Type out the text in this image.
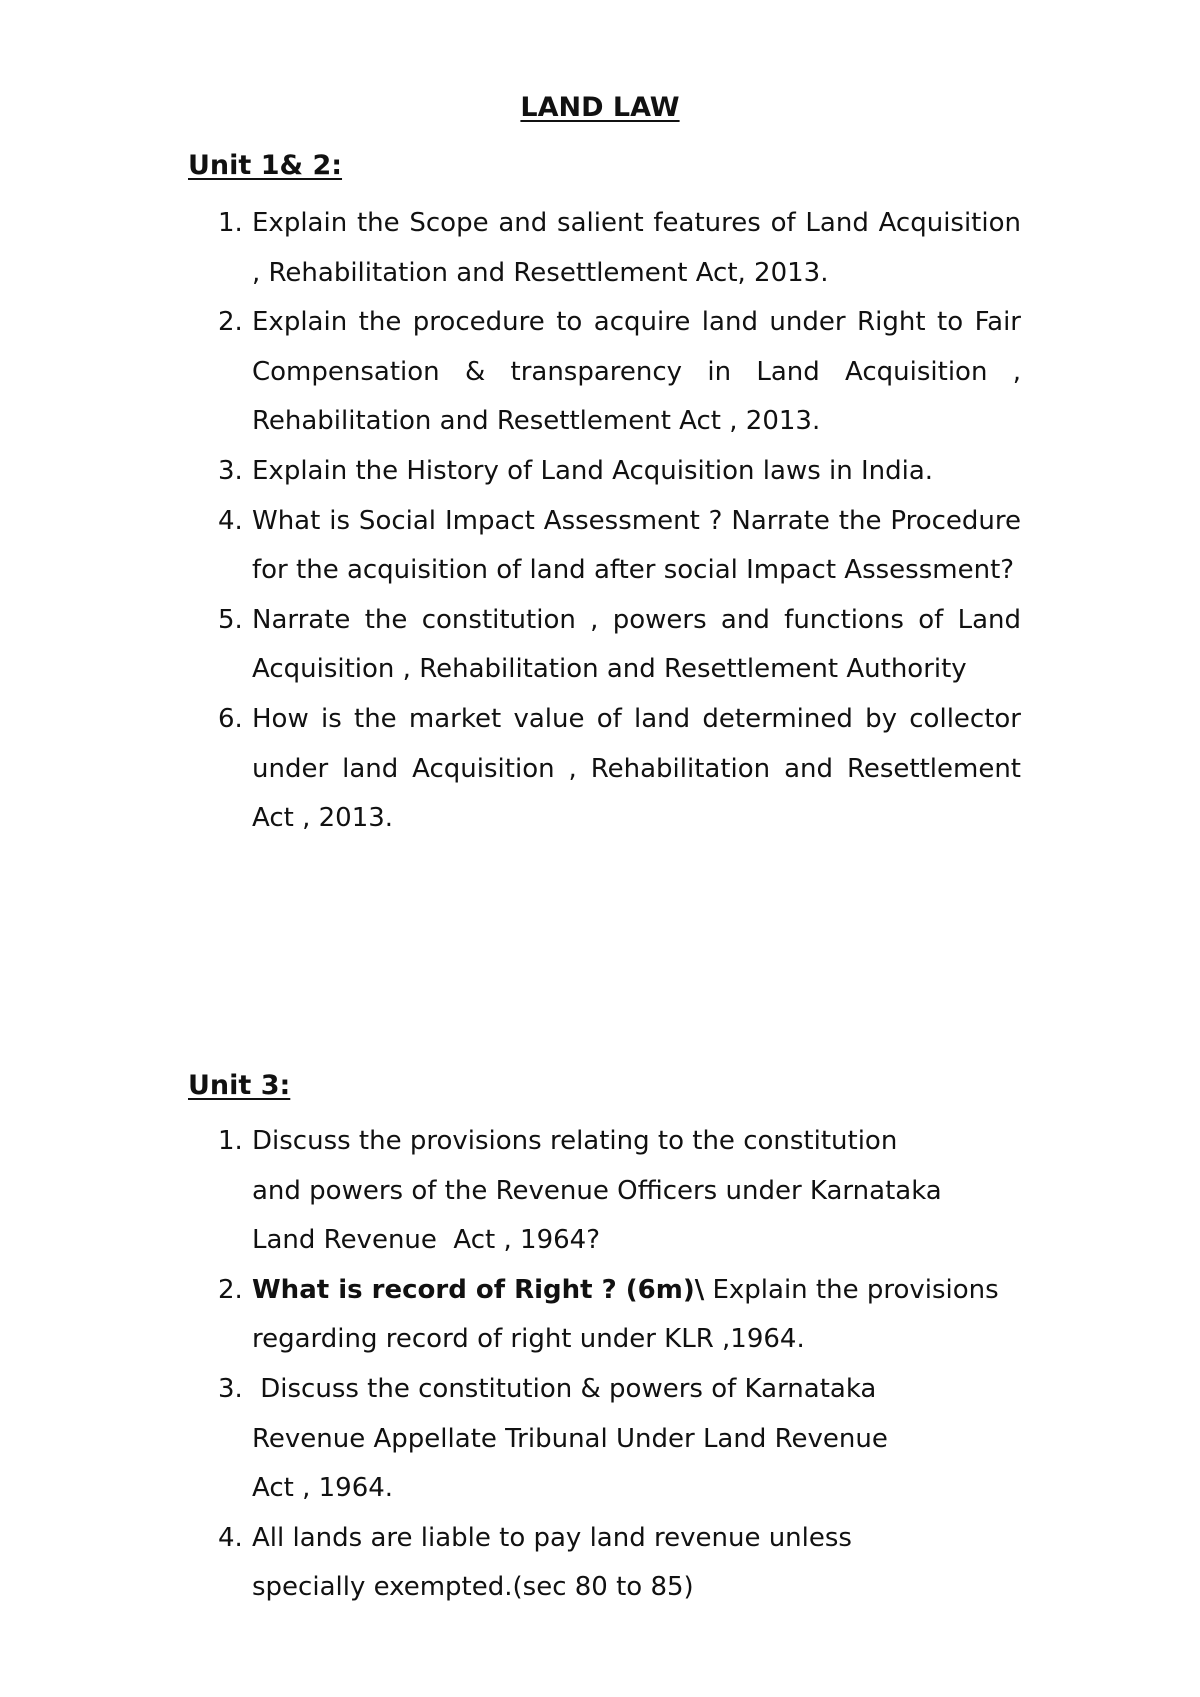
LAND LAW
Unit 1& 2:
1. Explain the Scope and salient features of Land Acquisition , Rehabilitation and Resettlement Act, 2013.
2. Explain the procedure to acquire land under Right to Fair Compensation & transparency in Land Acquisition , Rehabilitation and Resettlement Act , 2013.
3. Explain the History of Land Acquisition laws in India.
4. What is Social Impact Assessment ? Narrate the Procedure for the acquisition of land after social Impact Assessment?
5. Narrate the constitution , powers and functions of Land Acquisition , Rehabilitation and Resettlement Authority
6. How is the market value of land determined by collector under land Acquisition , Rehabilitation and Resettlement Act , 2013.
Unit 3:
1. Discuss the provisions relating to the constitution
and powers of the Revenue Officers under Karnataka
Land Revenue  Act , 1964?
2. What is record of Right ? (6m)\ Explain the provisions regarding record of right under KLR ,1964.
3. Discuss the constitution & powers of Karnataka
Revenue Appellate Tribunal Under Land Revenue
Act , 1964.
4. All lands are liable to pay land revenue unless
specially exempted.(sec 80 to 85)
